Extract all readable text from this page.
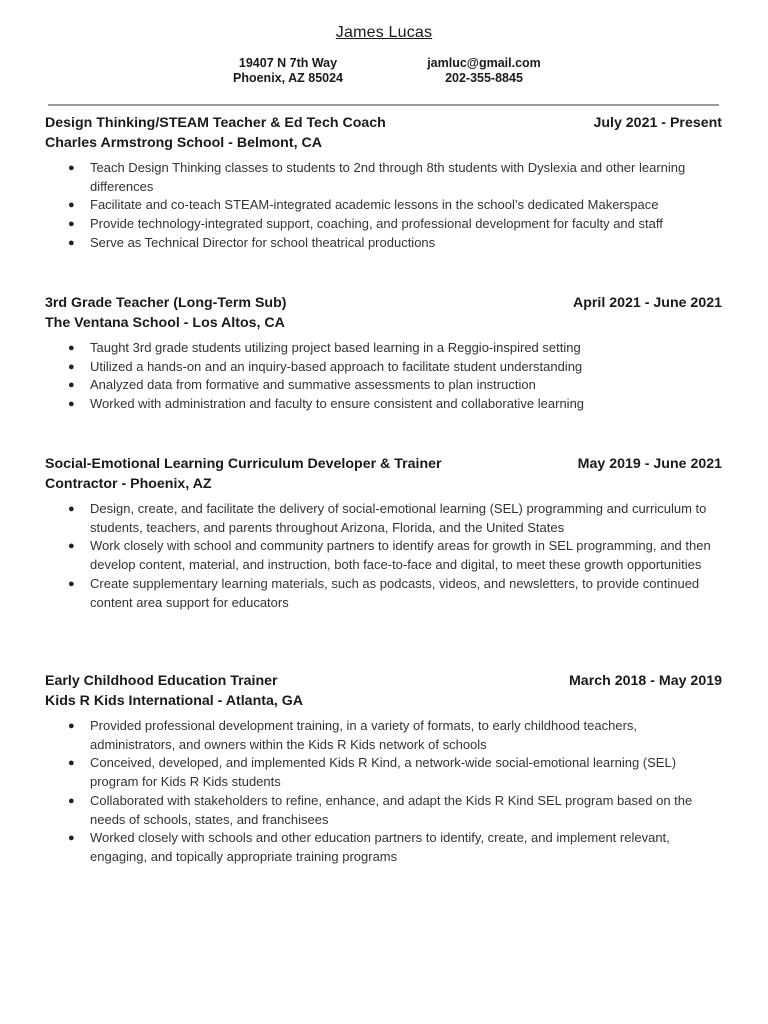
James Lucas
19407 N 7th Way
Phoenix, AZ 85024
jamluc@gmail.com
202-355-8845
Design Thinking/STEAM Teacher & Ed Tech Coach	July 2021 - Present
Charles Armstrong School - Belmont, CA
● Teach Design Thinking classes to students to 2nd through 8th students with Dyslexia and other learning differences
● Facilitate and co-teach STEAM-integrated academic lessons in the school’s dedicated Makerspace
● Provide technology-integrated support, coaching, and professional development for faculty and staff
● Serve as Technical Director for school theatrical productions
3rd Grade Teacher (Long-Term Sub)	April 2021 - June 2021
The Ventana School - Los Altos, CA
● Taught 3rd grade students utilizing project based learning in a Reggio-inspired setting
● Utilized a hands-on and an inquiry-based approach to facilitate student understanding
● Analyzed data from formative and summative assessments to plan instruction
● Worked with administration and faculty to ensure consistent and collaborative learning
Social-Emotional Learning Curriculum Developer & Trainer	May 2019 - June 2021
Contractor - Phoenix, AZ
● Design, create, and facilitate the delivery of social-emotional learning (SEL) programming and curriculum to students, teachers, and parents throughout Arizona, Florida, and the United States
● Work closely with school and community partners to identify areas for growth in SEL programming, and then develop content, material, and instruction, both face-to-face and digital, to meet these growth opportunities
● Create supplementary learning materials, such as podcasts, videos, and newsletters, to provide continued content area support for educators
Early Childhood Education Trainer	March 2018 - May 2019
Kids R Kids International - Atlanta, GA
● Provided professional development training, in a variety of formats, to early childhood teachers, administrators, and owners within the Kids R Kids network of schools
● Conceived, developed, and implemented Kids R Kind, a network-wide social-emotional learning (SEL) program for Kids R Kids students
● Collaborated with stakeholders to refine, enhance, and adapt the Kids R Kind SEL program based on the needs of schools, states, and franchisees
● Worked closely with schools and other education partners to identify, create, and implement relevant, engaging, and topically appropriate training programs
